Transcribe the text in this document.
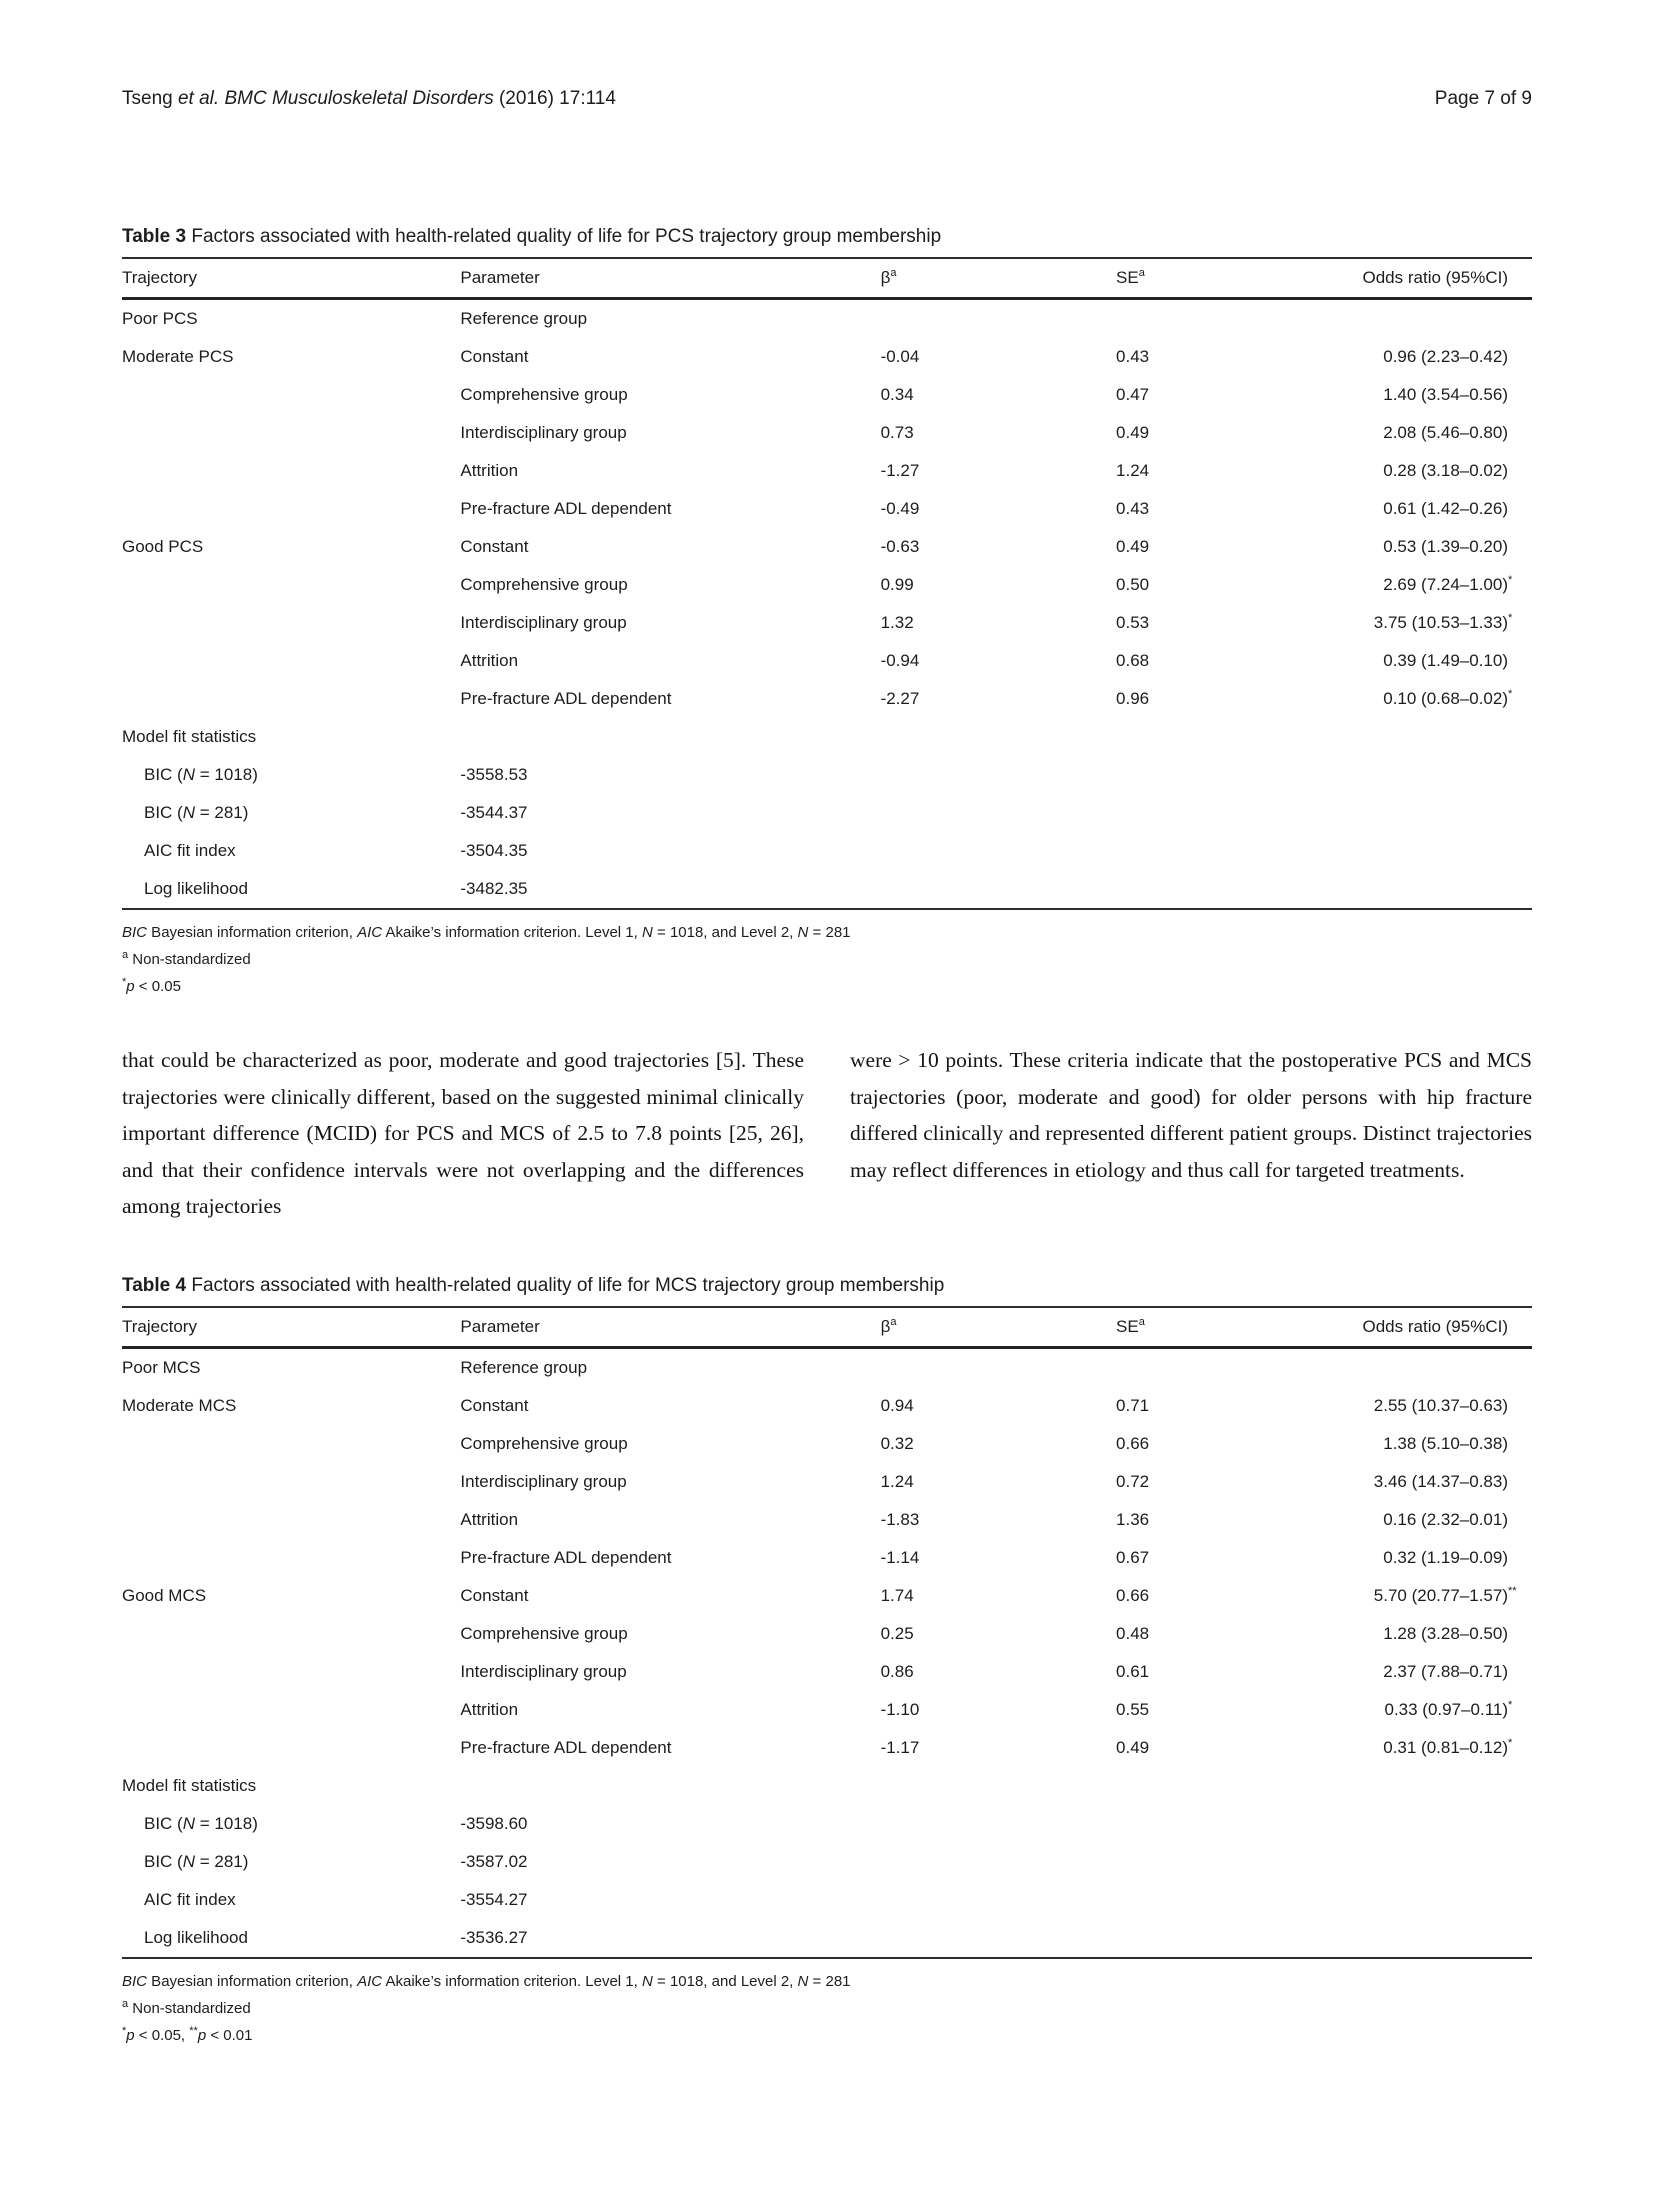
Tseng et al. BMC Musculoskeletal Disorders (2016) 17:114	Page 7 of 9
Table 3 Factors associated with health-related quality of life for PCS trajectory group membership
Trajectory	Parameter	$\beta^a$	$SE^a$	Odds ratio (95%CI)
Poor PCS	Reference group			
Moderate PCS	Constant	-0.04	0.43	0.96 (2.23–0.42)
	Comprehensive group	0.34	0.47	1.40 (3.54–0.56)
	Interdisciplinary group	0.73	0.49	2.08 (5.46–0.80)
	Attrition	-1.27	1.24	0.28 (3.18–0.02)
	Pre-fracture ADL dependent	-0.49	0.43	0.61 (1.42–0.26)
Good PCS	Constant	-0.63	0.49	0.53 (1.39–0.20)
	Comprehensive group	0.99	0.50	2.69 (7.24–1.00)*
	Interdisciplinary group	1.32	0.53	3.75 (10.53–1.33)*
	Attrition	-0.94	0.68	0.39 (1.49–0.10)
	Pre-fracture ADL dependent	-2.27	0.96	0.10 (0.68–0.02)*
Model fit statistics				
BIC (N = 1018)	-3558.53			
BIC (N = 281)	-3544.37			
AIC fit index	-3504.35			
Log likelihood	-3482.35			
BIC Bayesian information criterion, AIC Akaike’s information criterion. Level 1, N = 1018, and Level 2, N = 281
$^a$ Non-standardized
*p < 0.05
that could be characterized as poor, moderate and good trajectories [5]. These trajectories were clinically different, based on the suggested minimal clinically important difference (MCID) for PCS and MCS of 2.5 to 7.8 points [25, 26], and that their confidence intervals were not overlapping and the differences among trajectories
were > 10 points. These criteria indicate that the postoperative PCS and MCS trajectories (poor, moderate and good) for older persons with hip fracture differed clinically and represented different patient groups. Distinct trajectories may reflect differences in etiology and thus call for targeted treatments.
Table 4 Factors associated with health-related quality of life for MCS trajectory group membership
Trajectory	Parameter	$\beta^a$	$SE^a$	Odds ratio (95%CI)
Poor MCS	Reference group			
Moderate MCS	Constant	0.94	0.71	2.55 (10.37–0.63)
	Comprehensive group	0.32	0.66	1.38 (5.10–0.38)
	Interdisciplinary group	1.24	0.72	3.46 (14.37–0.83)
	Attrition	-1.83	1.36	0.16 (2.32–0.01)
	Pre-fracture ADL dependent	-1.14	0.67	0.32 (1.19–0.09)
Good MCS	Constant	1.74	0.66	5.70 (20.77–1.57)**
	Comprehensive group	0.25	0.48	1.28 (3.28–0.50)
	Interdisciplinary group	0.86	0.61	2.37 (7.88–0.71)
	Attrition	-1.10	0.55	0.33 (0.97–0.11)*
	Pre-fracture ADL dependent	-1.17	0.49	0.31 (0.81–0.12)*
Model fit statistics				
BIC (N = 1018)	-3598.60			
BIC (N = 281)	-3587.02			
AIC fit index	-3554.27			
Log likelihood	-3536.27			
BIC Bayesian information criterion, AIC Akaike’s information criterion. Level 1, N = 1018, and Level 2, N = 281
$^a$ Non-standardized
*p < 0.05, **p < 0.01
